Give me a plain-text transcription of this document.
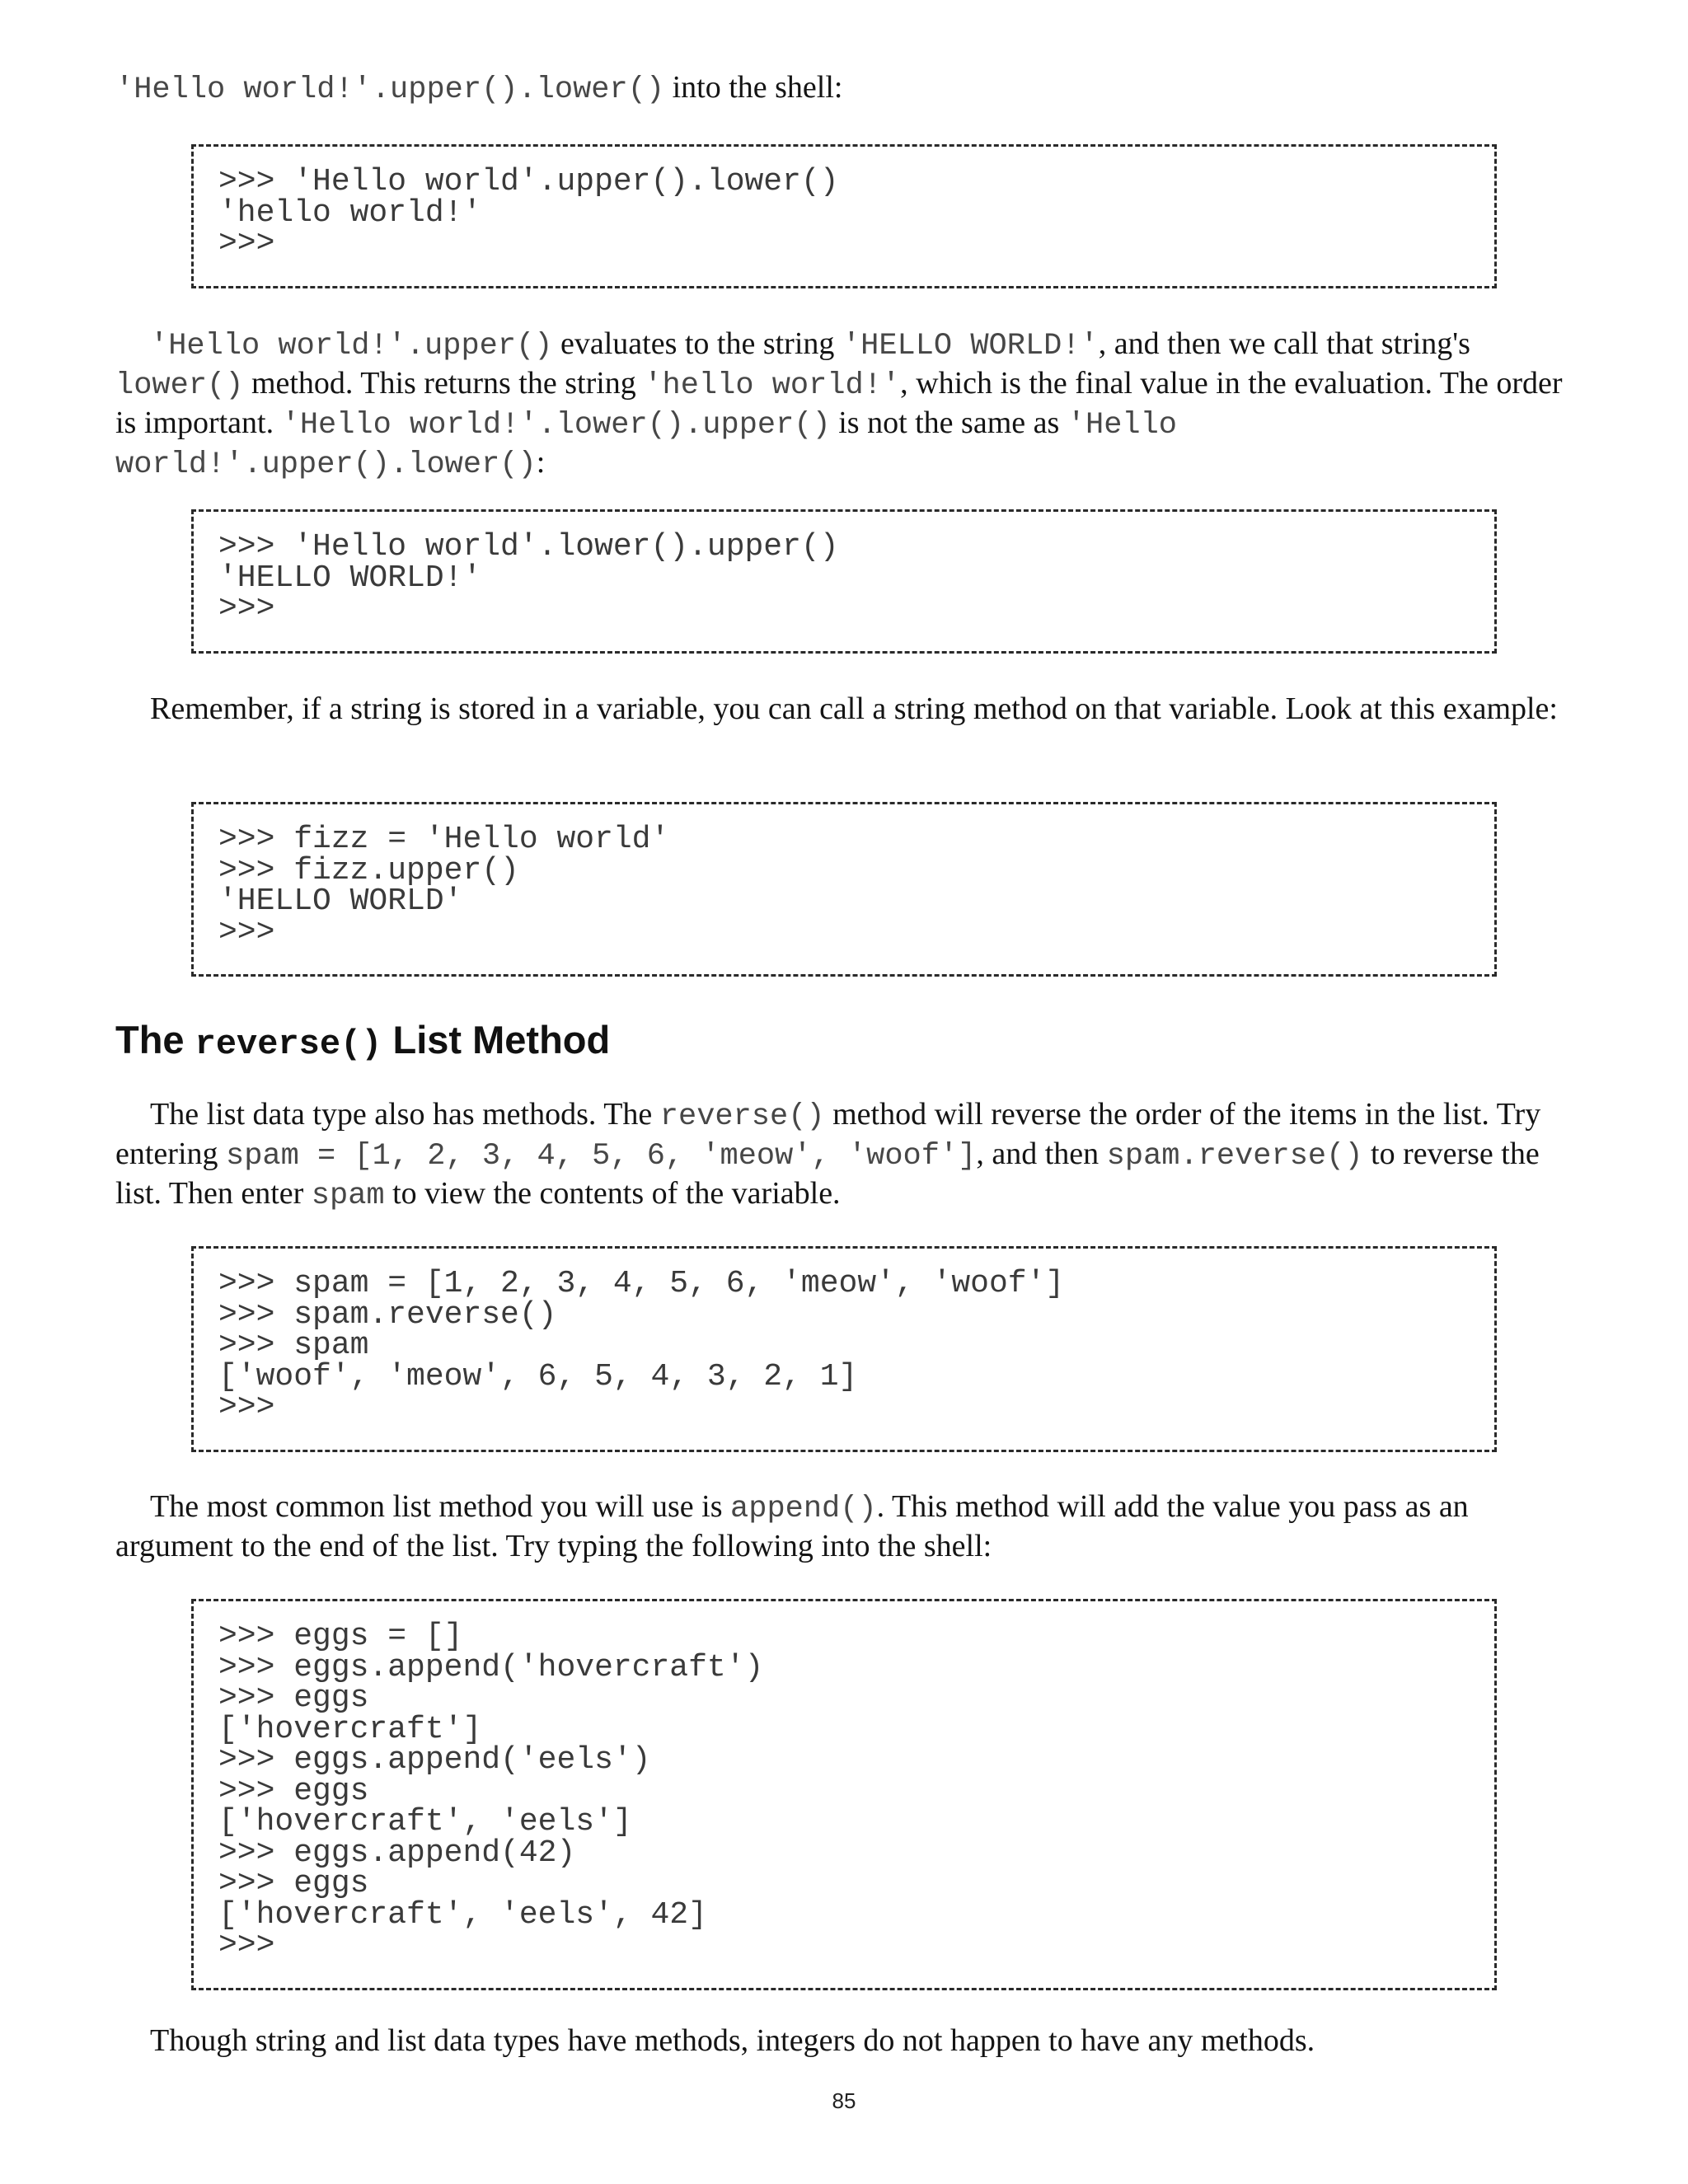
'Hello world!'.upper().lower() into the shell:

>>> 'Hello world'.upper().lower()
'hello world!'
>>>

'Hello world!'.upper() evaluates to the string 'HELLO WORLD!', and then we call that string's lower() method. This returns the string 'hello world!', which is the final value in the evaluation. The order is important. 'Hello world!'.lower().upper() is not the same as 'Hello world!'.upper().lower():

>>> 'Hello world'.lower().upper()
'HELLO WORLD!'
>>>

Remember, if a string is stored in a variable, you can call a string method on that variable. Look at this example:

>>> fizz = 'Hello world'
>>> fizz.upper()
'HELLO WORLD'
>>>
The reverse() List Method

The list data type also has methods. The reverse() method will reverse the order of the items in the list. Try entering spam = [1, 2, 3, 4, 5, 6, 'meow', 'woof'], and then spam.reverse() to reverse the list. Then enter spam to view the contents of the variable.

>>> spam = [1, 2, 3, 4, 5, 6, 'meow', 'woof']
>>> spam.reverse()
>>> spam
['woof', 'meow', 6, 5, 4, 3, 2, 1]
>>>

The most common list method you will use is append(). This method will add the value you pass as an argument to the end of the list. Try typing the following into the shell:

>>> eggs = []
>>> eggs.append('hovercraft')
>>> eggs
['hovercraft']
>>> eggs.append('eels')
>>> eggs
['hovercraft', 'eels']
>>> eggs.append(42)
>>> eggs
['hovercraft', 'eels', 42]
>>>

Though string and list data types have methods, integers do not happen to have any methods.

85
